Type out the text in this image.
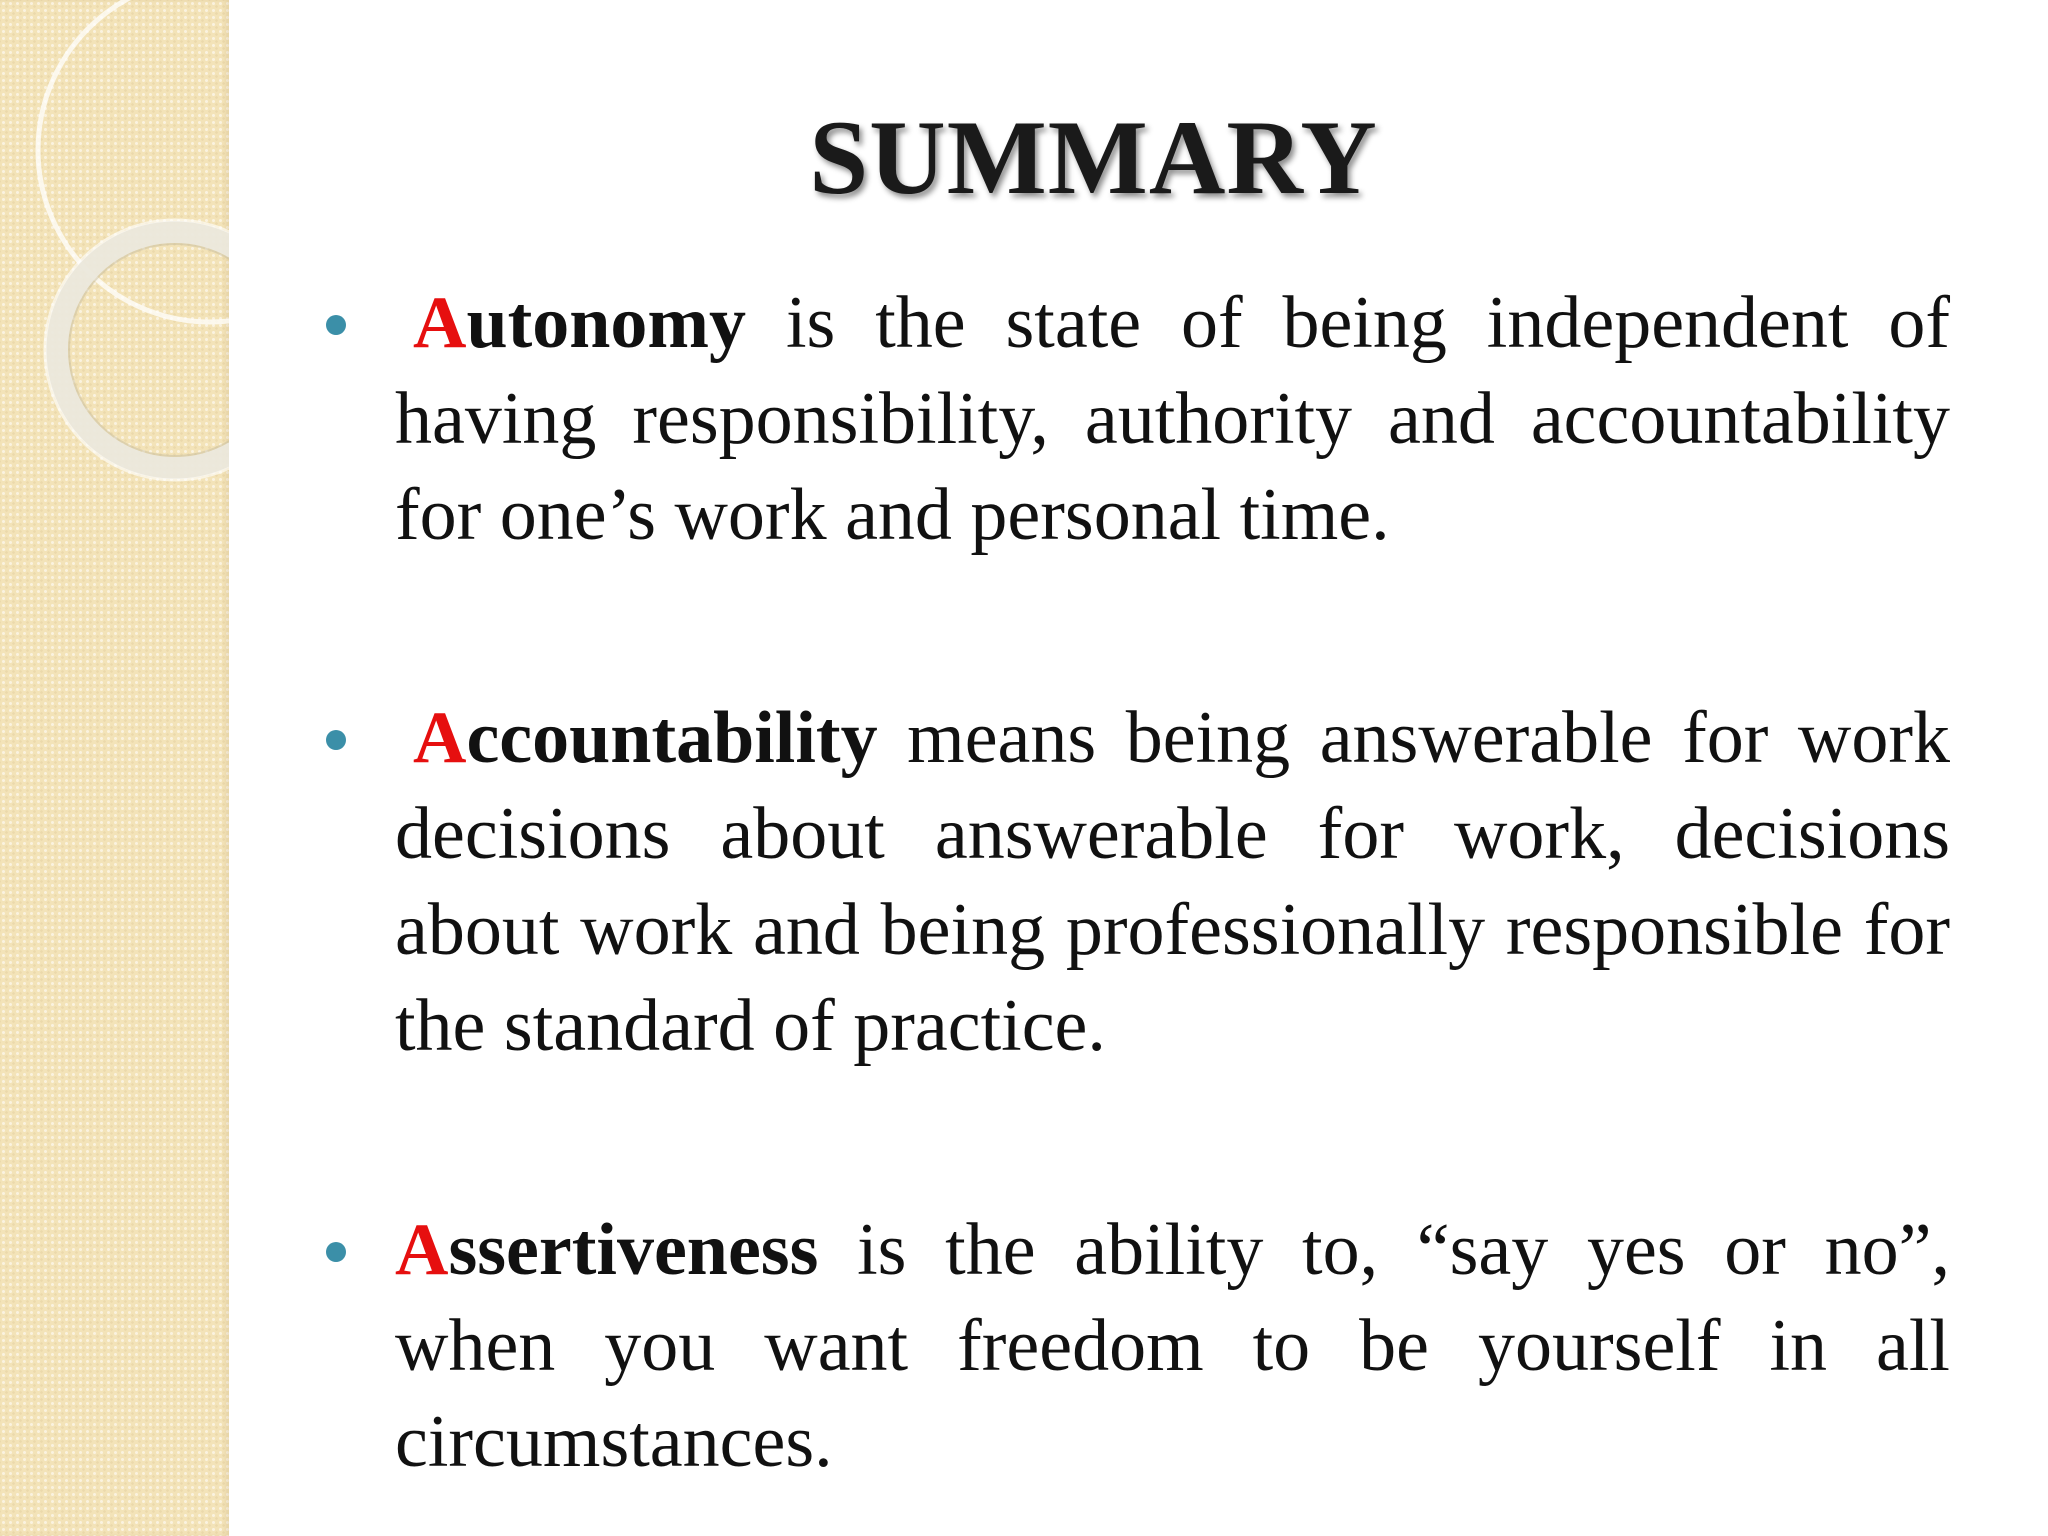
SUMMARY
Autonomy is the state of being independent of having responsibility, authority and accountability for one’s work and personal time.
Accountability means being answerable for work decisions about answerable for work, decisions about work and being professionally responsible for the standard of practice.
Assertiveness is the ability to, “say yes or no”, when you want freedom to be yourself in all circumstances.
